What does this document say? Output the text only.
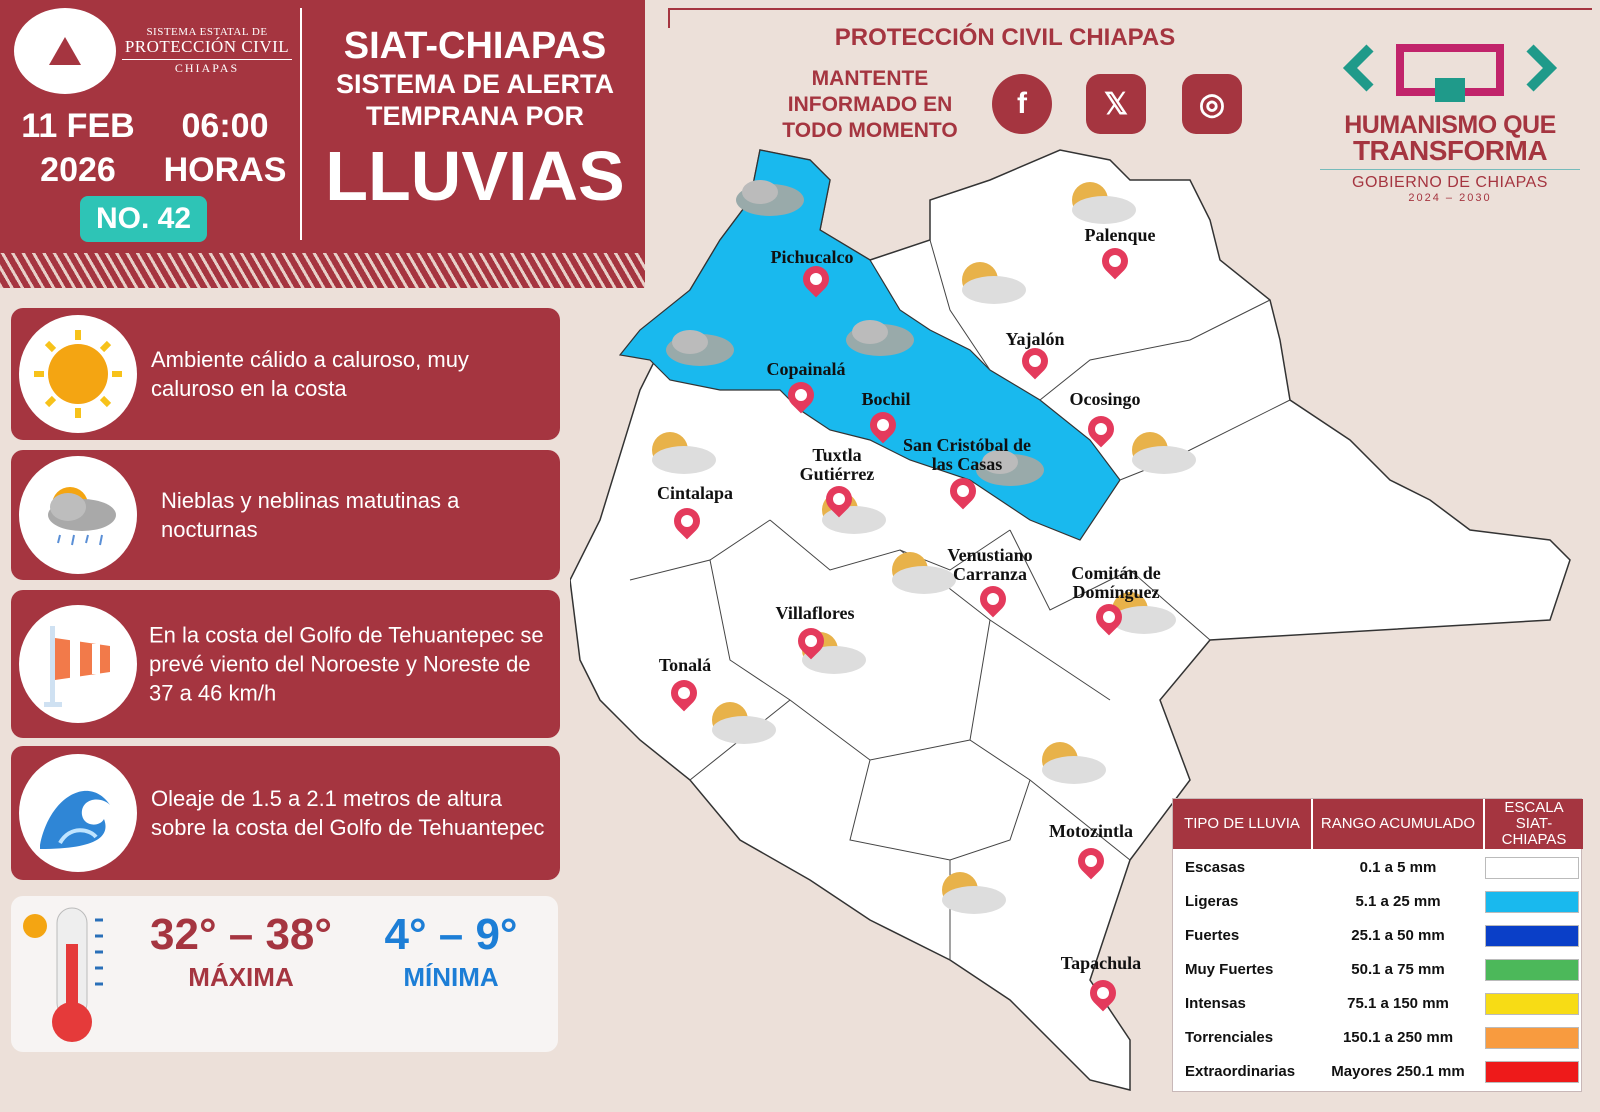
SISTEMA ESTATAL DE
PROTECCIÓN CIVIL
CHIAPAS
11 FEB
2026
06:00
HORAS
NO. 42
SIAT-CHIAPAS
SISTEMA DE ALERTA
TEMPRANA POR
LLUVIAS
Ambiente cálido a caluroso, muy caluroso en la costa
Nieblas y neblinas matutinas a nocturnas
En la costa del Golfo de Tehuantepec se prevé viento del Noroeste y Noreste de 37 a 46 km/h
Oleaje de 1.5 a 2.1 metros de altura sobre la costa del Golfo de Tehuantepec
32° – 38°
MÁXIMA
4° – 9°
MÍNIMA
PROTECCIÓN CIVIL CHIAPAS
MANTENTE INFORMADO EN TODO MOMENTO
f	𝕏	◎
HUMANISMO QUE
TRANSFORMA
GOBIERNO DE CHIAPAS
2024 – 2030
Pichucalco
Palenque
Yajalón
Copainalá
Bochil	Ocosingo
Tuxtla Gutiérrez
San Cristóbal de las Casas
Cintalapa
Venustiano Carranza	Comitán de Domínguez
Villaflores
Tonalá
Motozintla
Tapachula
TIPO DE LLUVIA	RANGO ACUMULADO
ESCALA SIAT-CHIAPAS
Escasas	0.1 a 5 mm
Ligeras	5.1 a 25 mm
Fuertes	25.1 a 50 mm
Muy Fuertes	50.1 a 75 mm
Intensas	75.1 a 150 mm
Torrenciales	150.1 a 250 mm
Extraordinarias	Mayores 250.1 mm
